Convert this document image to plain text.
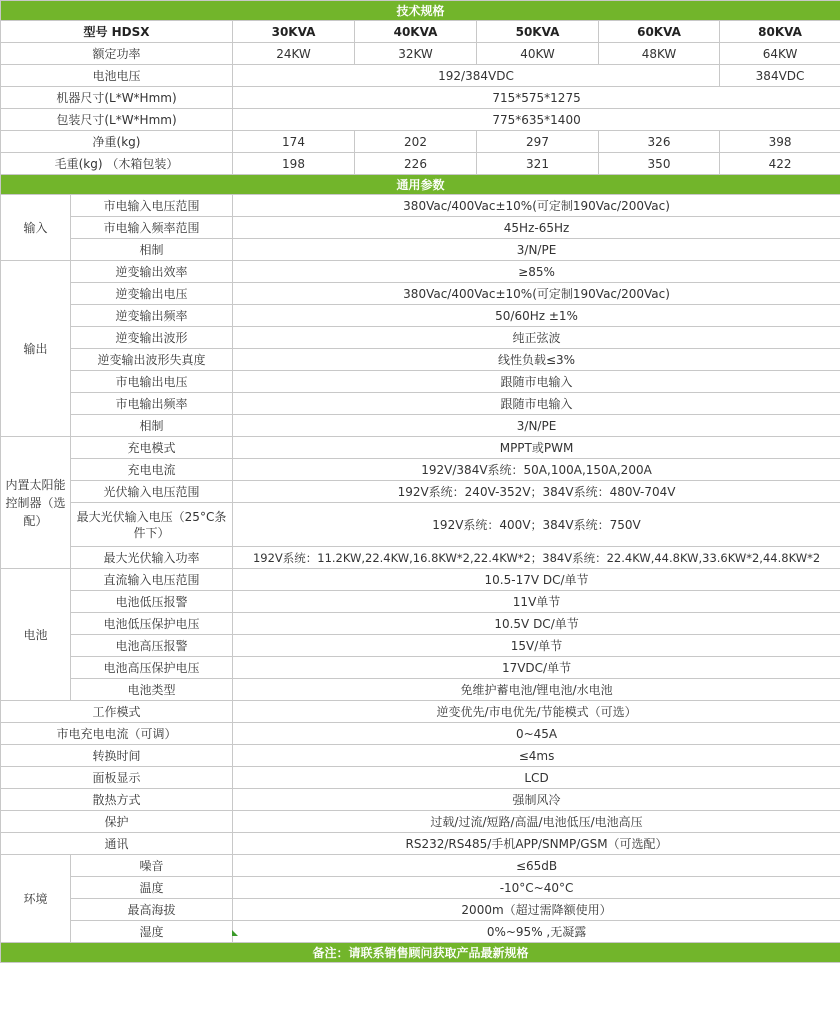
技术规格						
型号 HDSX		30KVA	40KVA	50KVA	60KVA	80KVA
额定功率		24KW	32KW	40KW	48KW	64KW
电池电压		192/384VDC				384VDC
机器尺寸(L*W*Hmm)		715*575*1275				
包装尺寸(L*W*Hmm)		775*635*1400				
净重(kg)		174	202	297	326	398
毛重(kg) （木箱包装）		198	226	321	350	422
通用参数						
输入	市电输入电压范围	380Vac/400Vac±10%(可定制190Vac/200Vac)				
	市电输入频率范围	45Hz-65Hz				
	相制	3/N/PE				
输出	逆变输出效率	≥85%				
	逆变输出电压	380Vac/400Vac±10%(可定制190Vac/200Vac)				
	逆变输出频率	50/60Hz ±1%				
	逆变输出波形	纯正弦波				
	逆变输出波形失真度	线性负载≤3%				
	市电输出电压	跟随市电输入				
	市电输出频率	跟随市电输入				
	相制	3/N/PE				
内置太阳能控制器（选配）	充电模式	MPPT或PWM				
	充电电流	192V/384V系统：50A,100A,150A,200A				
	光伏输入电压范围	192V系统：240V-352V；384V系统：480V-704V				
	最大光伏输入电压（25°C条件下）	192V系统：400V；384V系统：750V				
	最大光伏输入功率	192V系统：11.2KW,22.4KW,16.8KW*2,22.4KW*2；384V系统：22.4KW,44.8KW,33.6KW*2,44.8KW*2				
电池	直流输入电压范围	10.5-17V DC/单节				
	电池低压报警	11V单节				
	电池低压保护电压	10.5V DC/单节				
	电池高压报警	15V/单节				
	电池高压保护电压	17VDC/单节				
	电池类型	免维护蓄电池/锂电池/水电池				
工作模式		逆变优先/市电优先/节能模式（可选）				
市电充电电流（可调）		0~45A				
转换时间		≤4ms				
面板显示		LCD				
散热方式		强制风冷				
保护		过载/过流/短路/高温/电池低压/电池高压				
通讯		RS232/RS485/手机APP/SNMP/GSM（可选配）				
环境	噪音	≤65dB				
	温度	-10°C~40°C				
	最高海拔	2000m（超过需降额使用）				
	湿度	0%~95% ,无凝露				
备注：请联系销售顾问获取产品最新规格						
